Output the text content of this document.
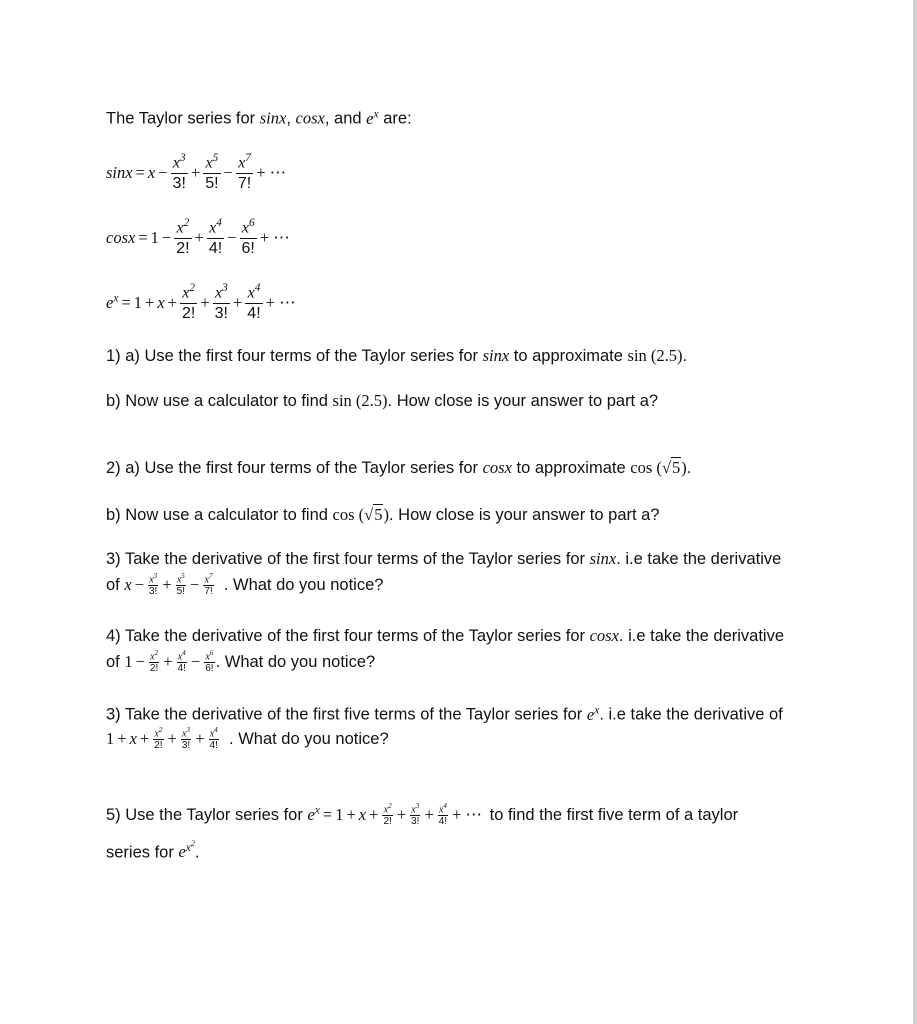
The Taylor series for sinx, cosx, and $e^x$ are:
$\sin x = x - \frac{x^3}{3!} + \frac{x^5}{5!} - \frac{x^7}{7!}$ + ⋯
$\cos x = 1 - \frac{x^2}{2!} + \frac{x^4}{4!} - \frac{x^6}{6!}$ + ⋯
$e^x = 1 + x + \frac{x^2}{2!} + \frac{x^3}{3!} + \frac{x^4}{4!}$ + ⋯
1) a) Use the first four terms of the Taylor series for sinx to approximate sin (2.5).
b) Now use a calculator to find sin (2.5). How close is your answer to part a?
2) a) Use the first four terms of the Taylor series for cosx to approximate cos (√5).
b) Now use a calculator to find cos (√5). How close is your answer to part a?
3) Take the derivative of the first four terms of the Taylor series for sinx. i.e take the derivative
of $x - \frac{x^3}{3!} + \frac{x^5}{5!} - \frac{x^7}{7!}$ . What do you notice?
4) Take the derivative of the first four terms of the Taylor series for cosx. i.e take the derivative
of $1 - \frac{x^2}{2!} + \frac{x^4}{4!} - \frac{x^6}{6!}$ . What do you notice?
3) Take the derivative of the first five terms of the Taylor series for $e^x$. i.e take the derivative of
$1 + x + \frac{x^2}{2!} + \frac{x^3}{3!} + \frac{x^4}{4!}$ . What do you notice?
5) Use the Taylor series for $e^x = 1 + x + \frac{x^2}{2!} + \frac{x^3}{3!} + \frac{x^4}{4!}$ + ⋯ to find the first five term of a taylor
series for $e^{x^2}$.
